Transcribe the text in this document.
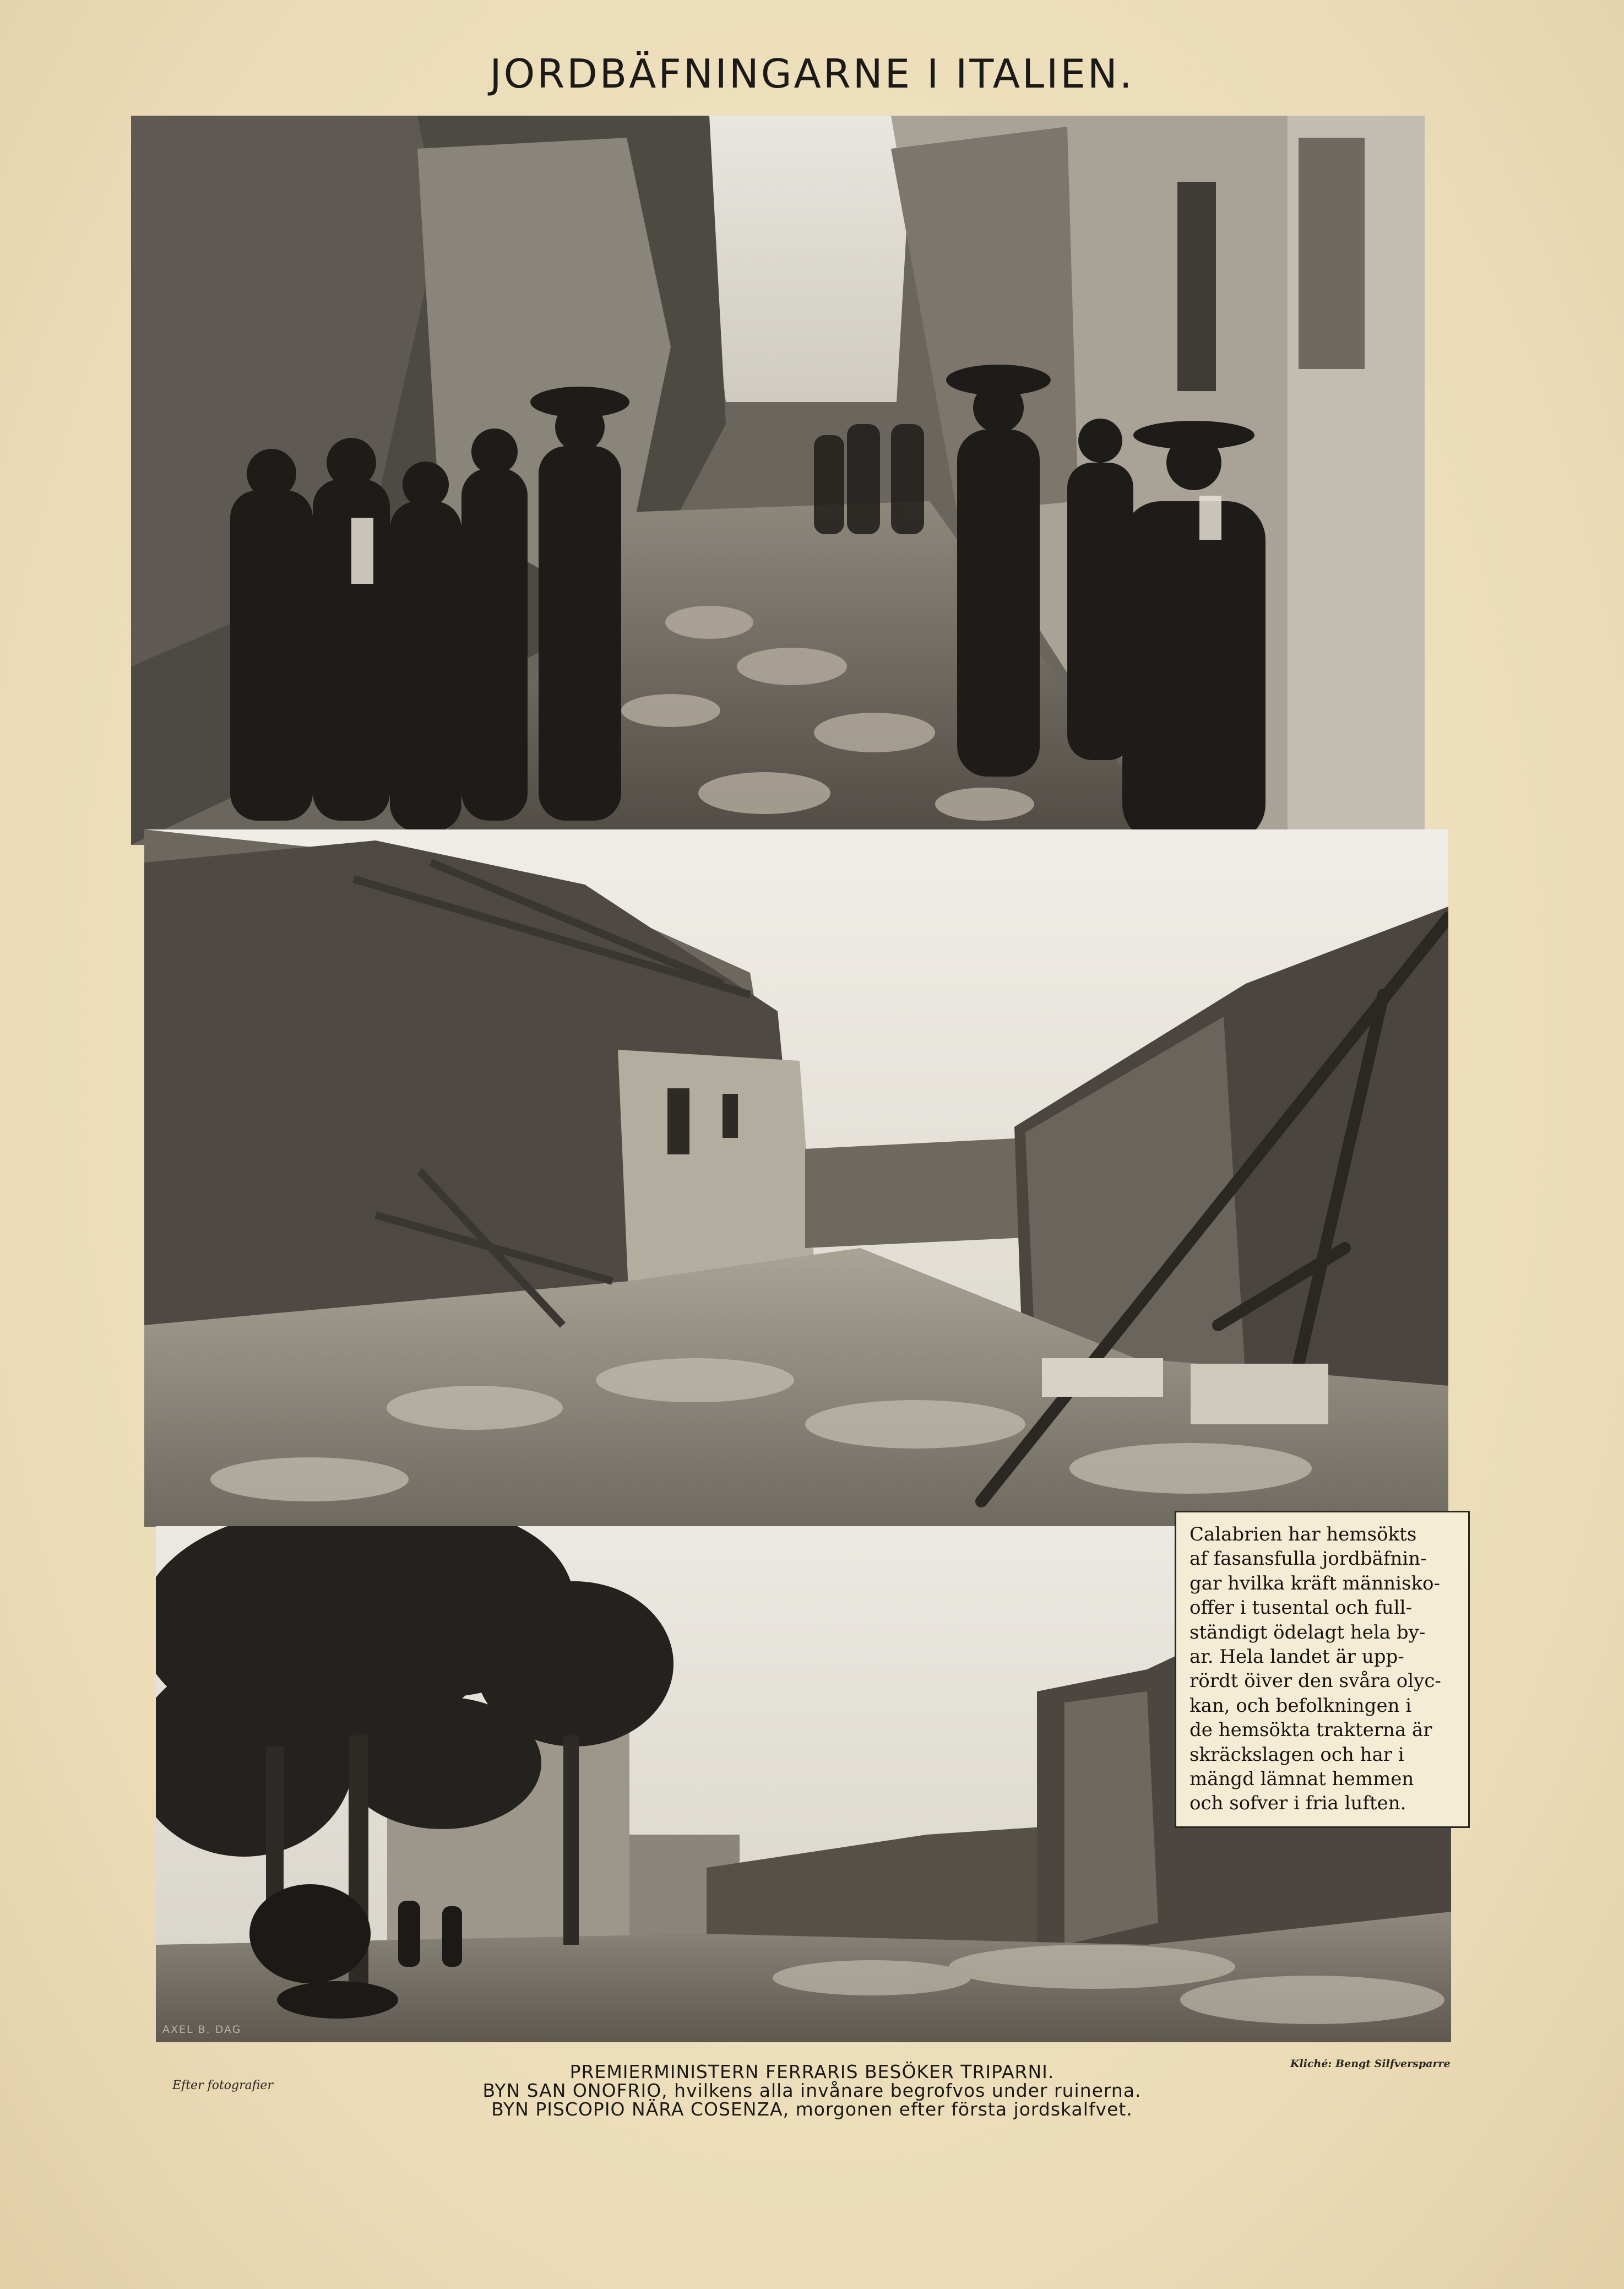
JORDBÄFNINGARNE I ITALIEN.
AXEL B. DAG
Calabrien har hemsökts
af fasansfulla jordbäfnin-
gar hvilka kräft människo-
offer i tusental och full-
ständigt ödelagt hela by-
ar. Hela landet är upp-
rördt öiver den svåra olyc-
kan, och befolkningen i
de hemsökta trakterna är
skräckslagen och har i
mängd lämnat hemmen
och sofver i fria luften.
Efter fotografier
Kliché: Bengt Silfversparre
PREMIERMINISTERN FERRARIS BESÖKER TRIPARNI.
BYN SAN ONOFRIO, hvilkens alla invånare begrofvos under ruinerna.
BYN PISCOPIO NÄRA COSENZA, morgonen efter första jordskalfvet.
